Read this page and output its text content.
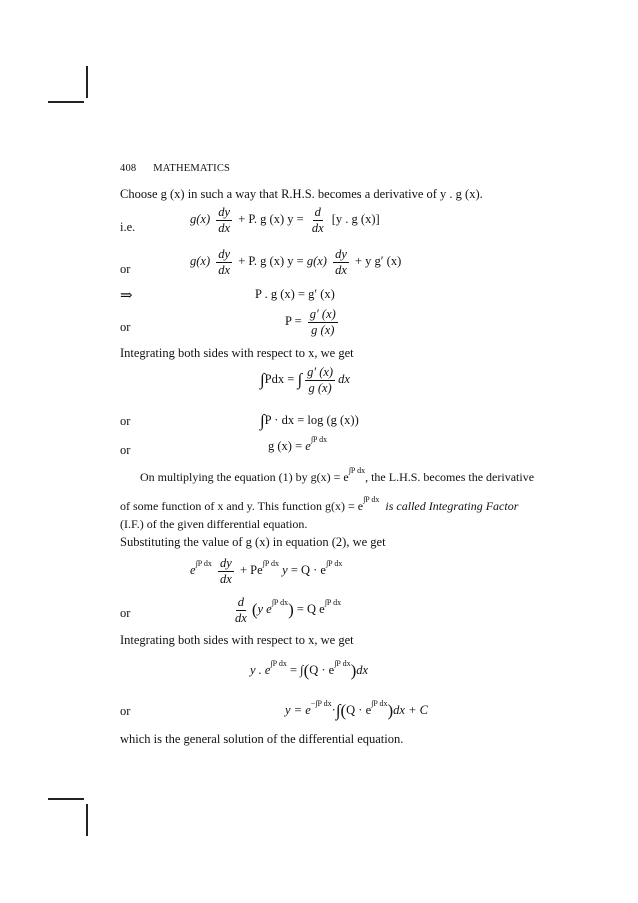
408 MATHEMATICS
Choose g (x) in such a way that R.H.S. becomes a derivative of y . g (x).
i.e.
$g(x) \frac{dy}{dx} + P$. g (x) $y = \frac{d}{dx} [y$ . g (x)]
or
$g(x) \frac{dy}{dx} + P$. g (x) $y = g(x) \frac{dy}{dx} + y$ g′ (x)
⇒	P . g (x) = g′ (x)
or	$P = \frac{g' (x)}{g (x)}$
Integrating both sides with respect to x, we get
∫Pdx = ∫ $\frac{g' (x)}{g (x)}$ dx
or	∫P · dx = log (g (x))
or	g $(x) = e^{\int P dx}$
On multiplying the equation (1) by $g(x) = e^{\int P dx}$, the L.H.S. becomes the derivative
of some function of x and y. This function $g(x) = e^{\int P dx}$ is called Integrating Factor
(I.F.) of the given differential equation.
Substituting the value of g (x) in equation (2), we get
$e^{\int P dx} \frac{dy}{dx} + Pe^{\int P dx}$ $y = Q \cdot e^{\int P dx}$
or	$\frac{d}{dx} (y$ $e^{\int P dx}) = Q$ $e^{\int P dx}$
Integrating both sides with respect to x, we get
y . $e^{\int P dx} = \int(Q \cdot e^{\int P dx})dx$
or	$y = e^{-\int P dx}\cdot\int(Q \cdot e^{\int P dx})dx + C$
which is the general solution of the differential equation.
